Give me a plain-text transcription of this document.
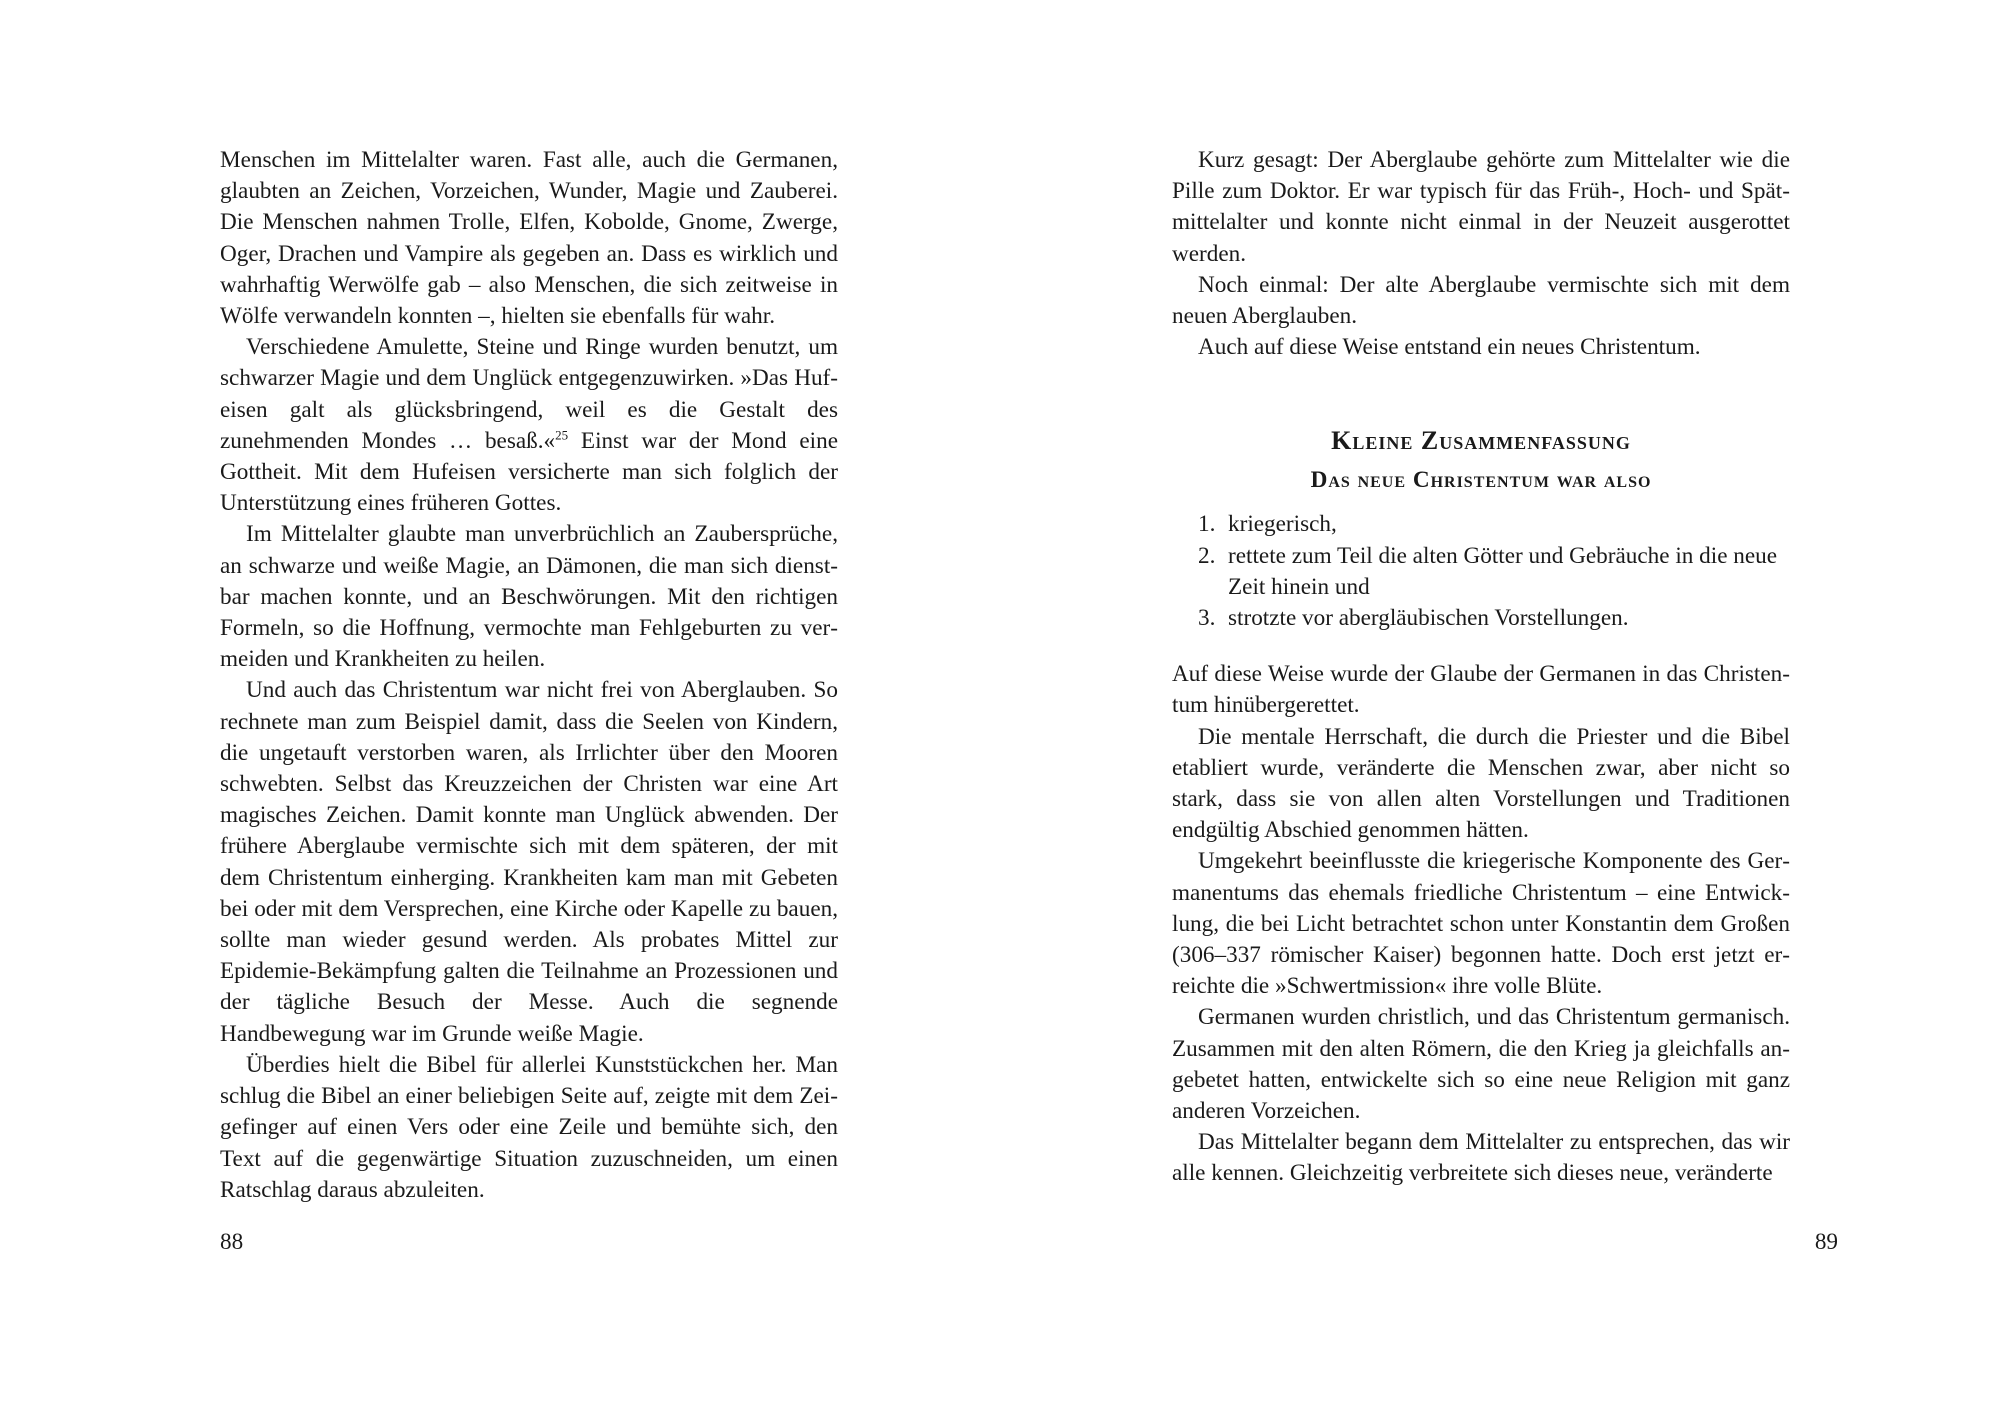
Menschen im Mittelalter waren. Fast alle, auch die Germanen, glaubten an Zeichen, Vorzeichen, Wunder, Magie und Zauberei. Die Menschen nahmen Trolle, Elfen, Kobolde, Gnome, Zwerge, Oger, Drachen und Vampire als gegeben an. Dass es wirklich und wahrhaftig Werwölfe gab – also Menschen, die sich zeitweise in Wölfe verwandeln konnten –, hielten sie ebenfalls für wahr.

Verschiedene Amulette, Steine und Ringe wurden benutzt, um schwarzer Magie und dem Unglück entgegenzuwirken. »Das Hufeisen galt als glücksbringend, weil es die Gestalt des zunehmenden Mondes … besaß.«$^{25}$ Einst war der Mond eine Gottheit. Mit dem Hufeisen versicherte man sich folglich der Unterstützung eines früheren Gottes.

Im Mittelalter glaubte man unverbrüchlich an Zaubersprüche, an schwarze und weiße Magie, an Dämonen, die man sich dienstbar machen konnte, und an Beschwörungen. Mit den richtigen Formeln, so die Hoffnung, vermochte man Fehlgeburten zu vermeiden und Krankheiten zu heilen.

Und auch das Christentum war nicht frei von Aberglauben. So rechnete man zum Beispiel damit, dass die Seelen von Kindern, die ungetauft verstorben waren, als Irrlichter über den Mooren schwebten. Selbst das Kreuzzeichen der Christen war eine Art magisches Zeichen. Damit konnte man Unglück abwenden. Der frühere Aberglaube vermischte sich mit dem späteren, der mit dem Christentum einherging. Krankheiten kam man mit Gebeten bei oder mit dem Versprechen, eine Kirche oder Kapelle zu bauen, sollte man wieder gesund werden. Als probates Mittel zur Epidemie-Bekämpfung galten die Teilnahme an Prozessionen und der tägliche Besuch der Messe. Auch die segnende Handbewegung war im Grunde weiße Magie.

Überdies hielt die Bibel für allerlei Kunststückchen her. Man schlug die Bibel an einer beliebigen Seite auf, zeigte mit dem Zeigefinger auf einen Vers oder eine Zeile und bemühte sich, den Text auf die gegenwärtige Situation zuzuschneiden, um einen Ratschlag daraus abzuleiten.

Kurz gesagt: Der Aberglaube gehörte zum Mittelalter wie die Pille zum Doktor. Er war typisch für das Früh-, Hoch- und Spätmittelalter und konnte nicht einmal in der Neuzeit ausgerottet werden.

Noch einmal: Der alte Aberglaube vermischte sich mit dem neuen Aberglauben.

Auch auf diese Weise entstand ein neues Christentum.

Kleine Zusammenfassung
Das neue Christentum war also
1. kriegerisch,
2. rettete zum Teil die alten Götter und Gebräuche in die neue Zeit hinein und
3. strotzte vor abergläubischen Vorstellungen.

Auf diese Weise wurde der Glaube der Germanen in das Christentum hinübergerettet.

Die mentale Herrschaft, die durch die Priester und die Bibel etabliert wurde, veränderte die Menschen zwar, aber nicht so stark, dass sie von allen alten Vorstellungen und Traditionen endgültig Abschied genommen hätten.

Umgekehrt beeinflusste die kriegerische Komponente des Germanentums das ehemals friedliche Christentum – eine Entwicklung, die bei Licht betrachtet schon unter Konstantin dem Großen (306–337 römischer Kaiser) begonnen hatte. Doch erst jetzt erreichte die »Schwertmission« ihre volle Blüte.

Germanen wurden christlich, und das Christentum germanisch. Zusammen mit den alten Römern, die den Krieg ja gleichfalls angebetet hatten, entwickelte sich so eine neue Religion mit ganz anderen Vorzeichen.

Das Mittelalter begann dem Mittelalter zu entsprechen, das wir alle kennen. Gleichzeitig verbreitete sich dieses neue, veränderte

88	89
